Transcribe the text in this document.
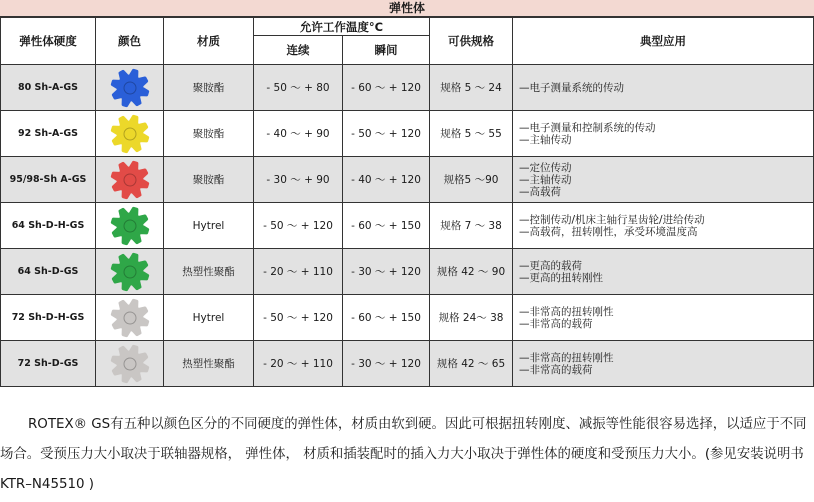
弹性体
弹性体硬度	颜色	材质	允许工作温度°C		可供规格	典型应用
			连续	瞬间		
80 Sh-A-GS		聚胺酯	- 50 ～ + 80	- 60 ～ + 120	规格 5 ～ 24	—电子测量系统的传动

92 Sh-A-GS		聚胺酯	- 40 ～ + 90	- 50 ～ + 120	规格 5 ～ 55	—电子测量和控制系统的传动
—主轴传动

95/98-Sh A-GS		聚胺酯	- 30 ～ + 90	- 40 ～ + 120	规格5 ～90	—定位传动
—主轴传动
—高载荷

64 Sh-D-H-GS		Hytrel	- 50 ～ + 120	- 60 ～ + 150	规格 7 ～ 38	—控制传动/机床主轴行星齿轮/进给传动
—高载荷，扭转刚性，承受环境温度高

64 Sh-D-GS		热塑性聚酯	- 20 ～ + 110	- 30 ～ + 120	规格 42 ～ 90	—更高的载荷
—更高的扭转刚性

72 Sh-D-H-GS		Hytrel	- 50 ～ + 120	- 60 ～ + 150	规格 24～ 38	—非常高的扭转刚性
—非常高的载荷

72 Sh-D-GS		热塑性聚酯	- 20 ～ + 110	- 30 ～ + 120	规格 42 ～ 65	—非常高的扭转刚性
—非常高的载荷

ROTEX® GS有五种以颜色区分的不同硬度的弹性体，材质由软到硬。因此可根据扭转刚度、减振等性能很容易选择，以适应于不同场合。受预压力大小取决于联轴器规格， 弹性体， 材质和插装配时的插入力大小取决于弹性体的硬度和受预压力大小。(参见安装说明书KTR–N45510 )
